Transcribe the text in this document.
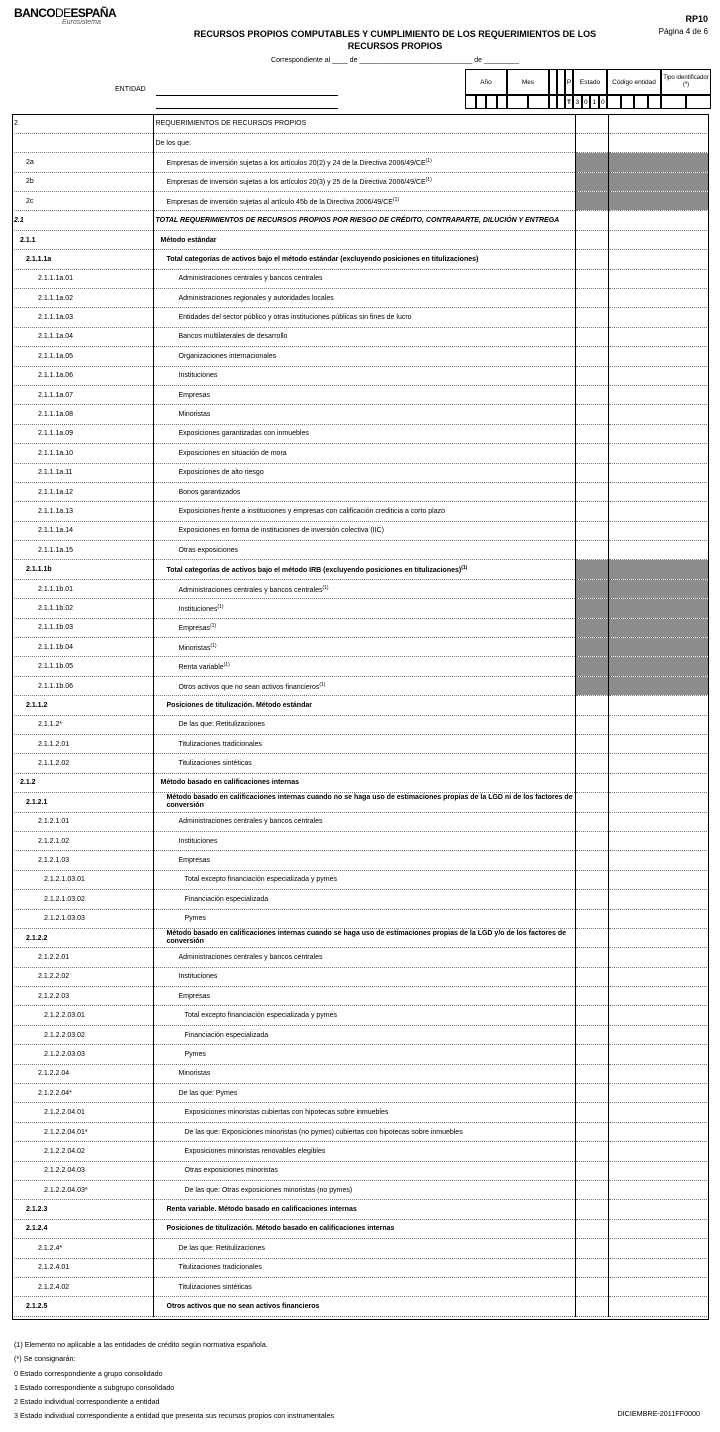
BANCODEESPAÑA
Eurosistema	RP10
Página 4 de 6
RECURSOS PROPIOS COMPUTABLES Y CUMPLIMIENTO DE LOS REQUERIMIENTOS DE LOS RECURSOS PROPIOS
Correspondiente al ____ de _____________________________ de _________
ENTIDAD
Año	Mes	P	Estado	Código entidad
Tipo identificador (*)
T 3 0 1 0
2	REQUERIMIENTOS DE RECURSOS PROPIOS		
	De los que:		
2a	Empresas de inversión sujetas a los artículos 20(2) y 24 de la Directiva 2006/49/CE$^{(1)}$		
2b	Empresas de inversión sujetas a los artículos 20(3) y 25 de la Directiva 2006/49/CE$^{(1)}$		
2c	Empresas de inversión sujetas al artículo 45b de la Directiva 2006/49/CE$^{(1)}$		
2.1	TOTAL REQUERIMIENTOS DE RECURSOS PROPIOS POR RIESGO DE CRÉDITO, CONTRAPARTE, DILUCIÓN Y ENTREGA		
2.1.1	Método estándar		
2.1.1.1a	Total categorías de activos bajo el método estándar (excluyendo posiciones en titulizaciones)		
2.1.1.1a.01	Administraciones centrales y bancos centrales		
2.1.1.1a.02	Administraciones regionales y autoridades locales		
2.1.1.1a.03	Entidades del sector público y otras instituciones públicas sin fines de lucro		
2.1.1.1a.04	Bancos multilaterales de desarrollo		
2.1.1.1a.05	Organizaciones internacionales		
2.1.1.1a.06	Instituciones		
2.1.1.1a.07	Empresas		
2.1.1.1a.08	Minoristas		
2.1.1.1a.09	Exposiciones garantizadas con inmuebles		
2.1.1.1a.10	Exposiciones en situación de mora		
2.1.1.1a.11	Exposiciones de alto riesgo		
2.1.1.1a.12	Bonos garantizados		
2.1.1.1a.13	Exposiciones frente a instituciones y empresas con calificación crediticia a corto plazo		
2.1.1.1a.14	Exposiciones en forma de instituciones de inversión colectiva (IIC)		
2.1.1.1a.15	Otras exposiciones		
2.1.1.1b	Total categorías de activos bajo el método IRB (excluyendo posiciones en titulizaciones)$^{(1)}$		
2.1.1.1b.01	Administraciones centrales y bancos centrales$^{(1)}$		
2.1.1.1b.02	Instituciones$^{(1)}$		
2.1.1.1b.03	Empresas$^{(1)}$		
2.1.1.1b.04	Minoristas$^{(1)}$		
2.1.1.1b.05	Renta variable$^{(1)}$		
2.1.1.1b.06	Otros activos que no sean activos financieros$^{(1)}$		
2.1.1.2	Posiciones de titulización. Método estándar		
2.1.1.2*	De las que: Retitulizaciones		
2.1.1.2.01	Titulizaciones tradicionales		
2.1.1.2.02	Titulizaciones sintéticas		
2.1.2	Método basado en calificaciones internas		
2.1.2.1	Método basado en calificaciones internas cuando no se haga uso de estimaciones propias de la LGD ni de los factores de conversión		
2.1.2.1.01	Administraciones centrales y bancos centrales		
2.1.2.1.02	Instituciones		
2.1.2.1.03	Empresas		
2.1.2.1.03.01	Total excepto financiación especializada y pymes		
2.1.2.1.03.02	Financiación especializada		
2.1.2.1.03.03	Pymes		
2.1.2.2	Método basado en calificaciones internas cuando se haga uso de estimaciones propias de la LGD y/o de los factores de conversión		
2.1.2.2.01	Administraciones centrales y bancos centrales		
2.1.2.2.02	Instituciones		
2.1.2.2.03	Empresas		
2.1.2.2.03.01	Total excepto financiación especializada y pymes		
2.1.2.2.03.02	Financiación especializada		
2.1.2.2.03.03	Pymes		
2.1.2.2.04	Minoristas		
2.1.2.2.04*	De las que: Pymes		
2.1.2.2.04.01	Exposiciones minoristas cubiertas con hipotecas sobre inmuebles		
2.1.2.2.04.01*	De las que: Exposiciones minoristas (no pymes) cubiertas con hipotecas sobre inmuebles		
2.1.2.2.04.02	Exposiciones minoristas renovables elegibles		
2.1.2.2.04.03	Otras exposiciones minoristas		
2.1.2.2.04.03*	De las que: Otras exposiciones minoristas (no pymes)		
2.1.2.3	Renta variable. Método basado en calificaciones internas		
2.1.2.4	Posiciones de titulización. Método basado en calificaciones internas		
2.1.2.4*	De las que: Retitulizaciones		
2.1.2.4.01	Titulizaciones tradicionales		
2.1.2.4.02	Titulizaciones sintéticas		
2.1.2.5	Otros activos que no sean activos financieros		
(1) Elemento no aplicable a las entidades de crédito según normativa española.
(*) Se consignarán:
0 Estado correspondiente a grupo consolidado
1 Estado correspondiente a subgrupo consolidado
2 Estado individual correspondiente a entidad
3 Estado individual correspondiente a entidad que presenta sus recursos propios con instrumentales	DICIEMBRE-2011FF0000
